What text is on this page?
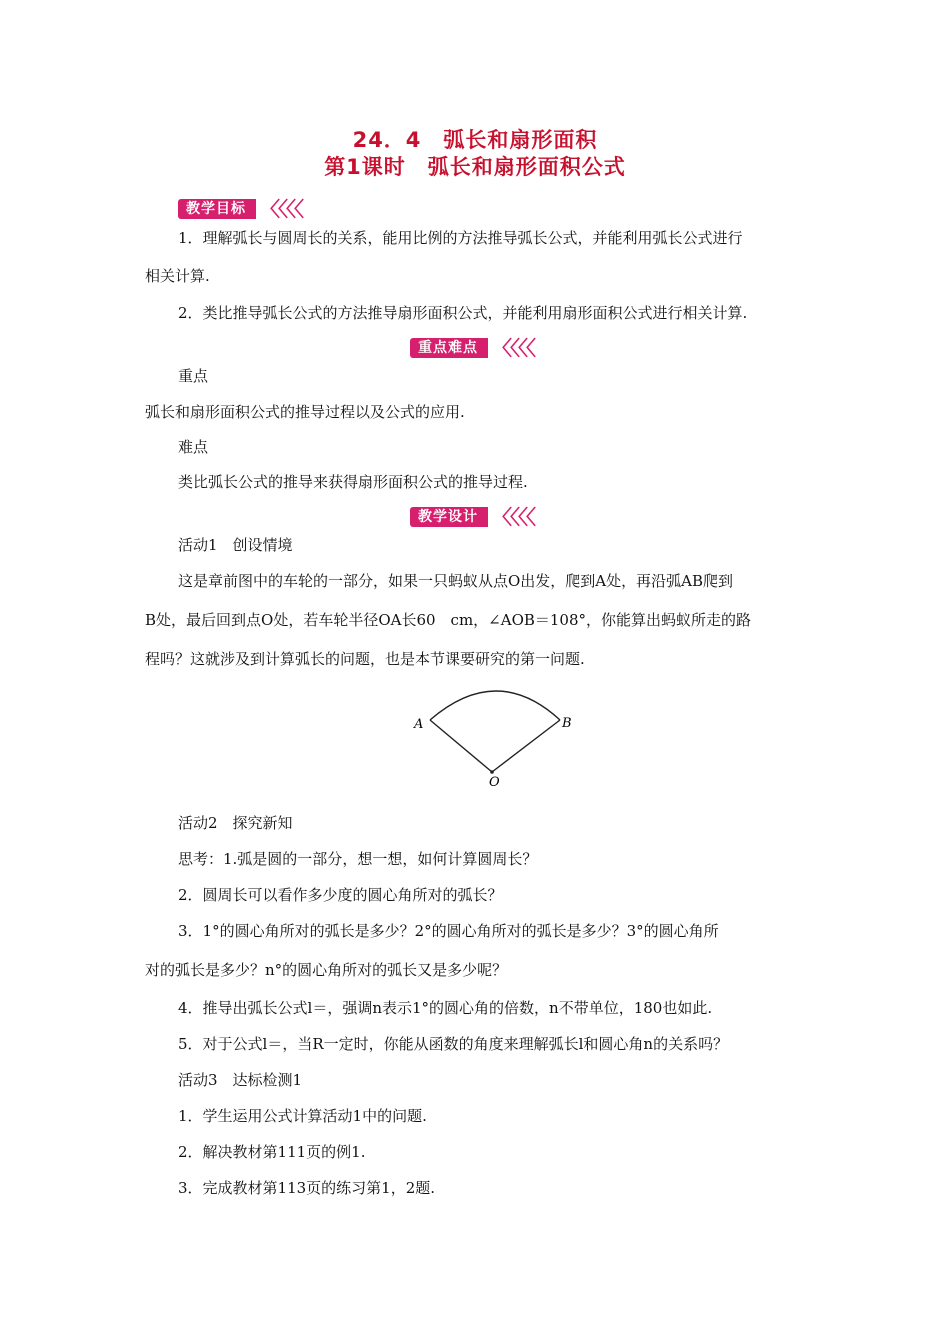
24．4　弧长和扇形面积
第1课时　弧长和扇形面积公式
教学目标 〈〈〈〈
1．理解弧长与圆周长的关系，能用比例的方法推导弧长公式，并能利用弧长公式进行
相关计算.
2．类比推导弧长公式的方法推导扇形面积公式，并能利用扇形面积公式进行相关计算.
重点难点 〈〈〈〈
重点
弧长和扇形面积公式的推导过程以及公式的应用.
难点
类比弧长公式的推导来获得扇形面积公式的推导过程.
教学设计 〈〈〈〈
活动1　创设情境
这是章前图中的车轮的一部分，如果一只蚂蚁从点O出发，爬到A处，再沿弧AB爬到
B处，最后回到点O处，若车轮半径OA长60　cm，∠AOB＝108°，你能算出蚂蚁所走的路
程吗？这就涉及到计算弧长的问题，也是本节课要研究的第一问题.
A	B
O
活动2　探究新知
思考：1.弧是圆的一部分，想一想，如何计算圆周长？
2．圆周长可以看作多少度的圆心角所对的弧长？
3．1°的圆心角所对的弧长是多少？2°的圆心角所对的弧长是多少？3°的圆心角所
对的弧长是多少？n°的圆心角所对的弧长又是多少呢？
4．推导出弧长公式l＝，强调n表示1°的圆心角的倍数，n不带单位，180也如此.
5．对于公式l＝，当R一定时，你能从函数的角度来理解弧长l和圆心角n的关系吗？
活动3　达标检测1
1．学生运用公式计算活动1中的问题.
2．解决教材第111页的例1.
3．完成教材第113页的练习第1，2题.
